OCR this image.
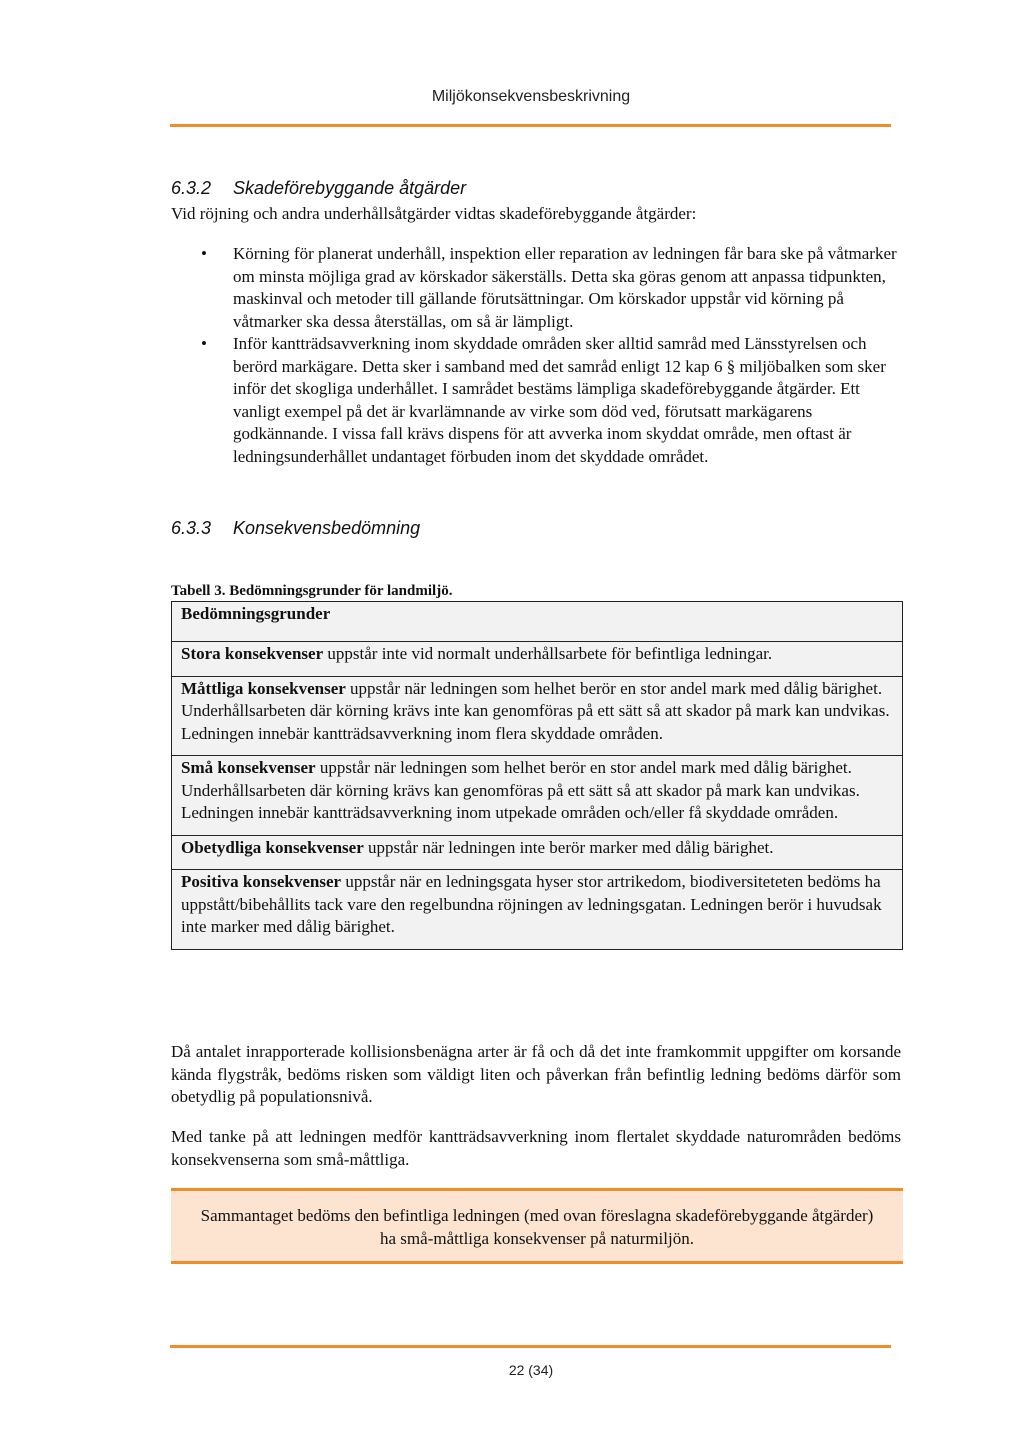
Miljökonsekvensbeskrivning
6.3.2 Skadeförebyggande åtgärder
Vid röjning och andra underhållsåtgärder vidtas skadeförebyggande åtgärder:
• Körning för planerat underhåll, inspektion eller reparation av ledningen får bara ske på våtmarker om minsta möjliga grad av körskador säkerställs. Detta ska göras genom att anpassa tidpunkten, maskinval och metoder till gällande förutsättningar. Om körskador uppstår vid körning på våtmarker ska dessa återställas, om så är lämpligt.
• Inför kantträdsavverkning inom skyddade områden sker alltid samråd med Länsstyrelsen och berörd markägare. Detta sker i samband med det samråd enligt 12 kap 6 § miljöbalken som sker inför det skogliga underhållet. I samrådet bestäms lämpliga skadeförebyggande åtgärder. Ett vanligt exempel på det är kvarlämnande av virke som död ved, förutsatt markägarens godkännande. I vissa fall krävs dispens för att avverka inom skyddat område, men oftast är ledningsunderhållet undantaget förbuden inom det skyddade området.
6.3.3 Konsekvensbedömning
Tabell 3. Bedömningsgrunder för landmiljö.
Bedömningsgrunder
Stora konsekvenser uppstår inte vid normalt underhållsarbete för befintliga ledningar.
Måttliga konsekvenser uppstår när ledningen som helhet berör en stor andel mark med dålig bärighet. Underhållsarbeten där körning krävs inte kan genomföras på ett sätt så att skador på mark kan undvikas. Ledningen innebär kantträdsavverkning inom flera skyddade områden.
Små konsekvenser uppstår när ledningen som helhet berör en stor andel mark med dålig bärighet. Underhållsarbeten där körning krävs kan genomföras på ett sätt så att skador på mark kan undvikas. Ledningen innebär kantträdsavverkning inom utpekade områden och/eller få skyddade områden.
Obetydliga konsekvenser uppstår när ledningen inte berör marker med dålig bärighet.
Positiva konsekvenser uppstår när en ledningsgata hyser stor artrikedom, biodiversiteteten bedöms ha uppstått/bibehållits tack vare den regelbundna röjningen av ledningsgatan. Ledningen berör i huvudsak inte marker med dålig bärighet.
Då antalet inrapporterade kollisionsbenägna arter är få och då det inte framkommit uppgifter om korsande kända flygstråk, bedöms risken som väldigt liten och påverkan från befintlig ledning bedöms därför som obetydlig på populationsnivå.
Med tanke på att ledningen medför kantträdsavverkning inom flertalet skyddade naturområden bedöms konsekvenserna som små-måttliga.
Sammantaget bedöms den befintliga ledningen (med ovan föreslagna skadeförebyggande åtgärder) ha små-måttliga konsekvenser på naturmiljön.
22 (34)
